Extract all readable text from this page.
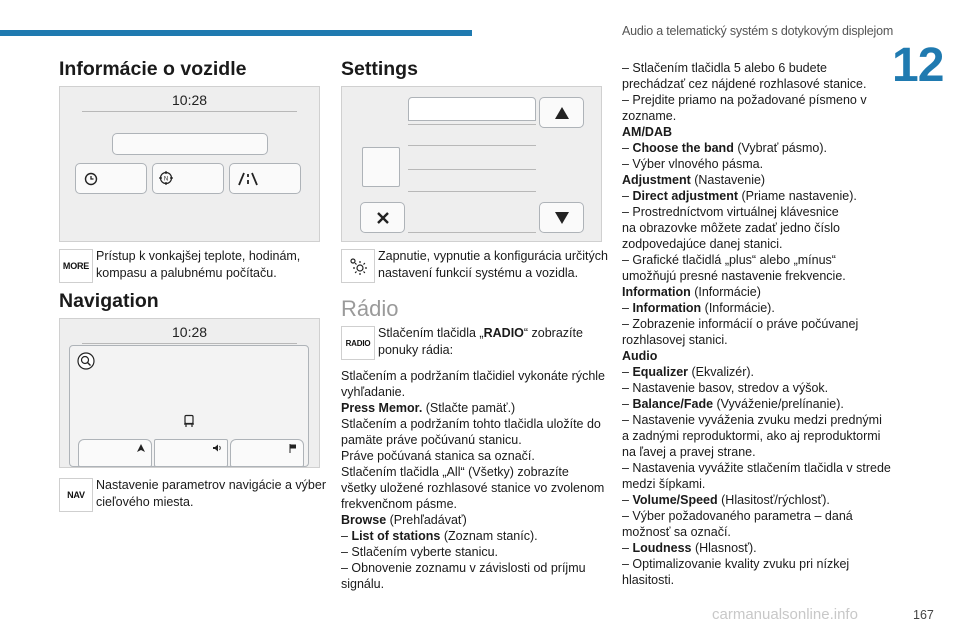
Audio a telematický systém s dotykovým displejom
12
Informácie o vozidle
10:28
N
MORE

Prístup k vonkajšej teplote, hodinám,

kompasu a palubnému počítaču.

Navigation
10:28
NAV

Nastavenie parametrov navigácie a výber

cieľového miesta.

Settings

Zapnutie, vypnutie a konfigurácia určitých

nastavení funkcií systému a vozidla.

Rádio
RADIO

Stlačením tlačidla „RADIO“ zobrazíte

ponuky rádia:

Stlačením a podržaním tlačidiel vykonáte rýchle

vyhľadanie.

Press Memor. (Stlačte pamäť.)

Stlačením a podržaním tohto tlačidla uložíte do

pamäte práve počúvanú stanicu.

Práve počúvaná stanica sa označí.

Stlačením tlačidla „All“ (Všetky) zobrazíte

všetky uložené rozhlasové stanice vo zvolenom

frekvenčnom pásme.

Browse (Prehľadávať)

– List of stations (Zoznam staníc).

– Stlačením vyberte stanicu.

– Obnovenie zoznamu v závislosti od príjmu

signálu.

– Stlačením tlačidla 5 alebo 6 budete

prechádzať cez nájdené rozhlasové stanice.

– Prejdite priamo na požadované písmeno v

zozname.

AM/DAB

– Choose the band (Vybrať pásmo).

– Výber vlnového pásma.

Adjustment (Nastavenie)

– Direct adjustment (Priame nastavenie).

– Prostredníctvom virtuálnej klávesnice

na obrazovke môžete zadať jedno číslo

zodpovedajúce danej stanici.

– Grafické tlačidlá „plus“ alebo „mínus“

umožňujú presné nastavenie frekvencie.

Information (Informácie)

– Information (Informácie).

– Zobrazenie informácií o práve počúvanej

rozhlasovej stanici.

Audio

– Equalizer (Ekvalizér).

– Nastavenie basov, stredov a výšok.

– Balance/Fade (Vyváženie/prelínanie).

– Nastavenie vyváženia zvuku medzi prednými

a zadnými reproduktormi, ako aj reproduktormi

na ľavej a pravej strane.

– Nastavenia vyvážite stlačením tlačidla v strede

medzi šípkami.

– Volume/Speed (Hlasitosť/rýchlosť).

– Výber požadovaného parametra – daná

možnosť sa označí.

– Loudness (Hlasnosť).

– Optimalizovanie kvality zvuku pri nízkej

hlasitosti.

carmanualsonline.info	167
